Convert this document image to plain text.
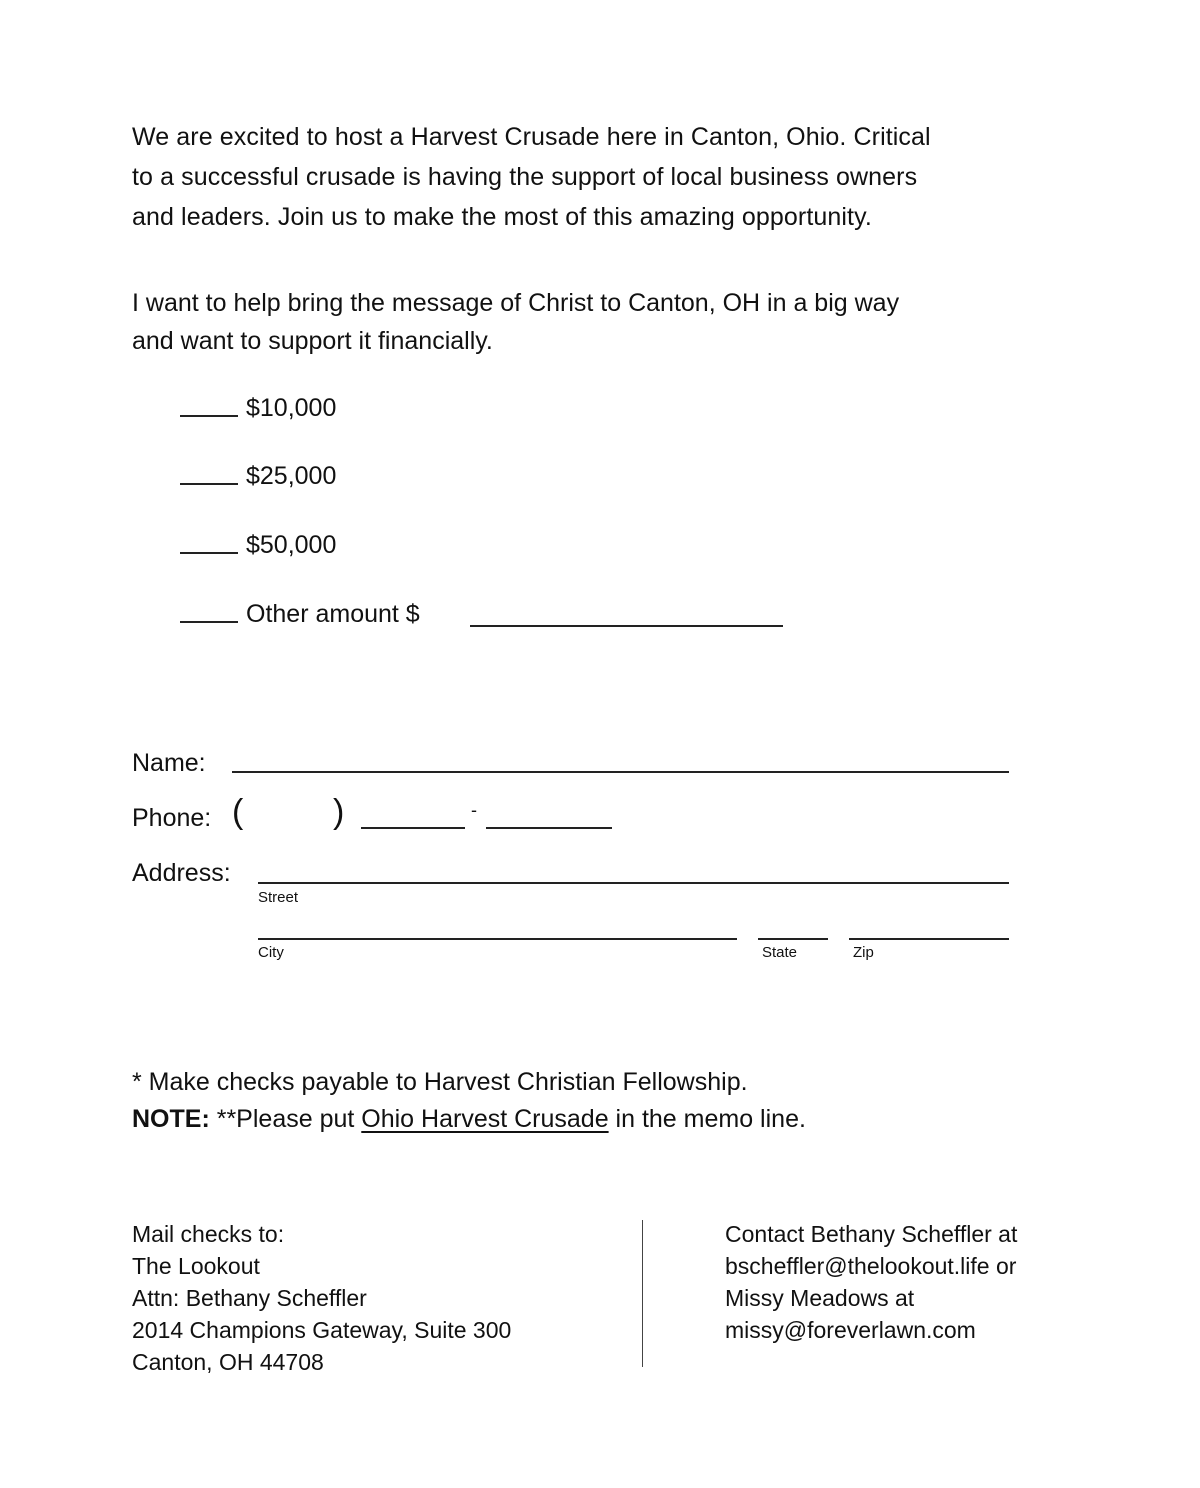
We are excited to host a Harvest Crusade here in Canton, Ohio. Critical
to a successful crusade is having the support of local business owners
and leaders. Join us to make the most of this amazing opportunity.
I want to help bring the message of Christ to Canton, OH in a big way
and want to support it financially.
$10,000
$25,000
$50,000
Other amount $
Name:
Phone: (	)	-
Address:
Street
City	State	Zip
* Make checks payable to Harvest Christian Fellowship.
NOTE: **Please put Ohio Harvest Crusade in the memo line.
Mail checks to:
The Lookout
Attn: Bethany Scheffler
2014 Champions Gateway, Suite 300
Canton, OH 44708
Contact Bethany Scheffler at
bscheffler@thelookout.life or
Missy Meadows at
missy@foreverlawn.com
